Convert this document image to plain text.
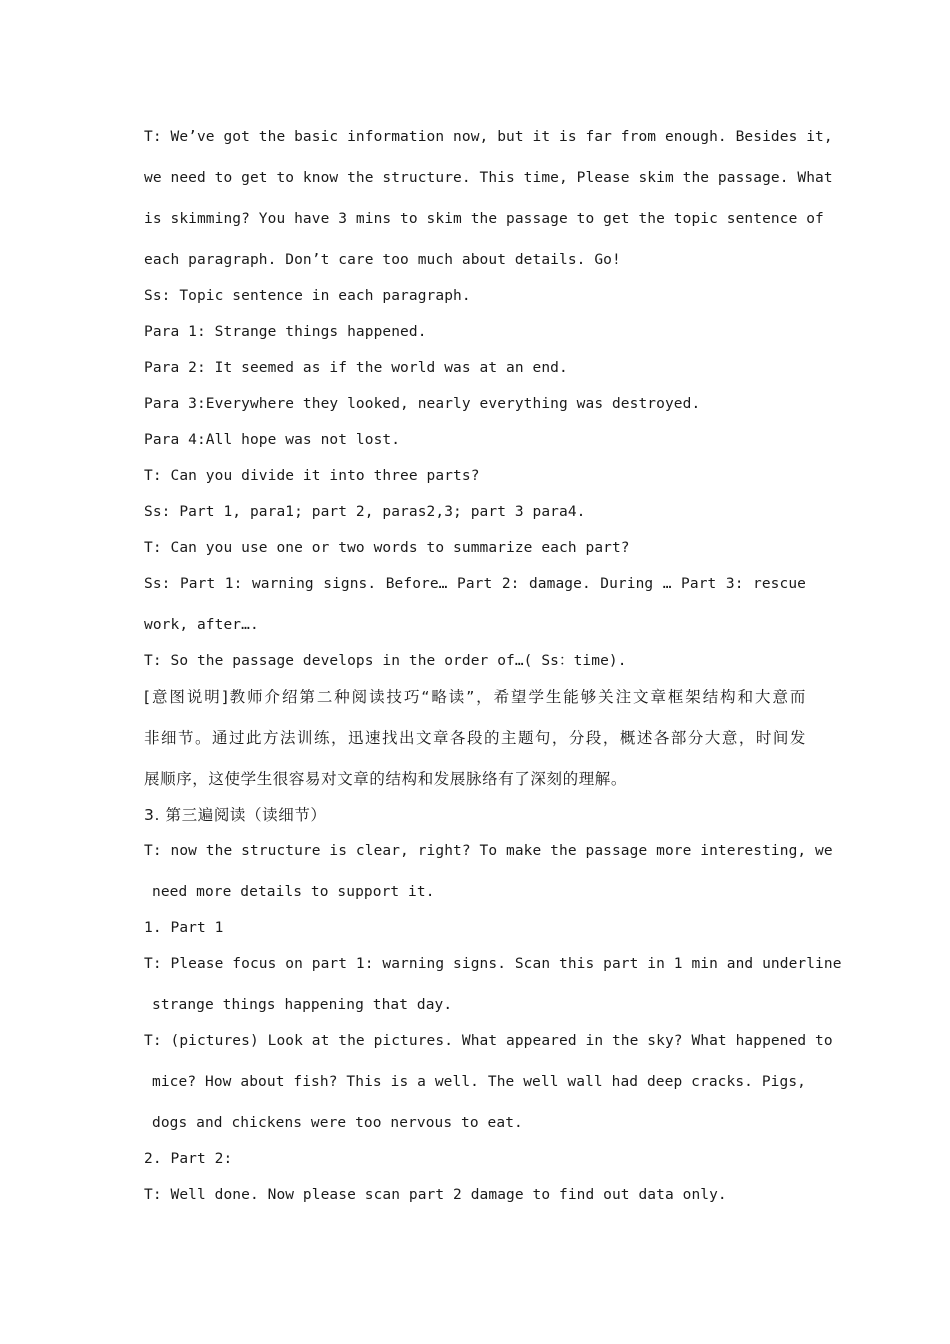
T: We’ve got the basic information now, but it is far from enough. Besides it,
we need to get to know the structure. This time, Please skim the passage. What
is skimming? You have 3 mins to skim the passage to get the topic sentence of
each paragraph. Don’t care too much about details. Go!
Ss: Topic sentence in each paragraph.
Para 1: Strange things happened.
Para 2: It seemed as if the world was at an end.
Para 3:Everywhere they looked, nearly everything was destroyed.
Para 4:All hope was not lost.
T: Can you divide it into three parts?
Ss: Part 1, para1; part 2, paras2,3; part 3 para4.
T: Can you use one or two words to summarize each part?
Ss: Part 1: warning signs. Before… Part 2: damage. During … Part 3: rescue
work, after….
T: So the passage develops in the order of…( Ss：time).
[意图说明]教师介绍第二种阅读技巧“略读”，希望学生能够关注文章框架结构和大意而
非细节。通过此方法训练，迅速找出文章各段的主题句，分段，概述各部分大意，时间发
展顺序，这使学生很容易对文章的结构和发展脉络有了深刻的理解。
3. 第三遍阅读（读细节）
T: now the structure is clear, right? To make the passage more interesting, we
need more details to support it.
1. Part 1
T: Please focus on part 1: warning signs. Scan this part in 1 min and underline
strange things happening that day.
T: (pictures) Look at the pictures. What appeared in the sky? What happened to
mice? How about fish? This is a well. The well wall had deep cracks. Pigs,
dogs and chickens were too nervous to eat.
2. Part 2:
T: Well done. Now please scan part 2 damage to find out data only.
